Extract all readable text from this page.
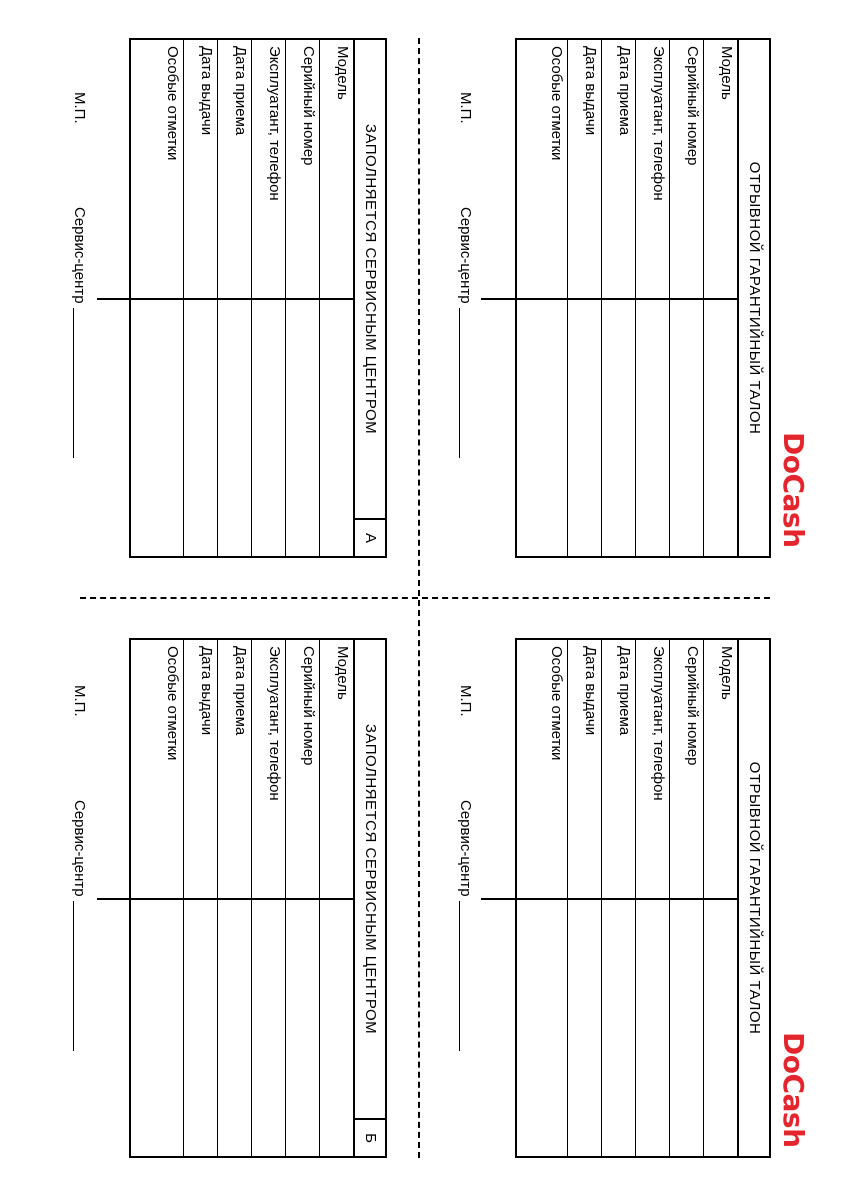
ОТРЫВНОЙ ГАРАНТИЙНЫЙ ТАЛОН
Модель
Серийный номер
Эксплуатант, телефон
Дата приема
Дата выдачи
Особые отметки
М.П.
Сервис-центр
DoCash
ЗАПОЛНЯЕТСЯ СЕРВИСНЫМ ЦЕНТРОМ
А
Модель
Серийный номер
Эксплуатант, телефон
Дата приема
Дата выдачи
Особые отметки
М.П.
Сервис-центр
ОТРЫВНОЙ ГАРАНТИЙНЫЙ ТАЛОН
Модель
Серийный номер
Эксплуатант, телефон
Дата приема
Дата выдачи
Особые отметки
М.П.
Сервис-центр
DoCash
ЗАПОЛНЯЕТСЯ СЕРВИСНЫМ ЦЕНТРОМ
Б
Модель
Серийный номер
Эксплуатант, телефон
Дата приема
Дата выдачи
Особые отметки
М.П.
Сервис-центр
